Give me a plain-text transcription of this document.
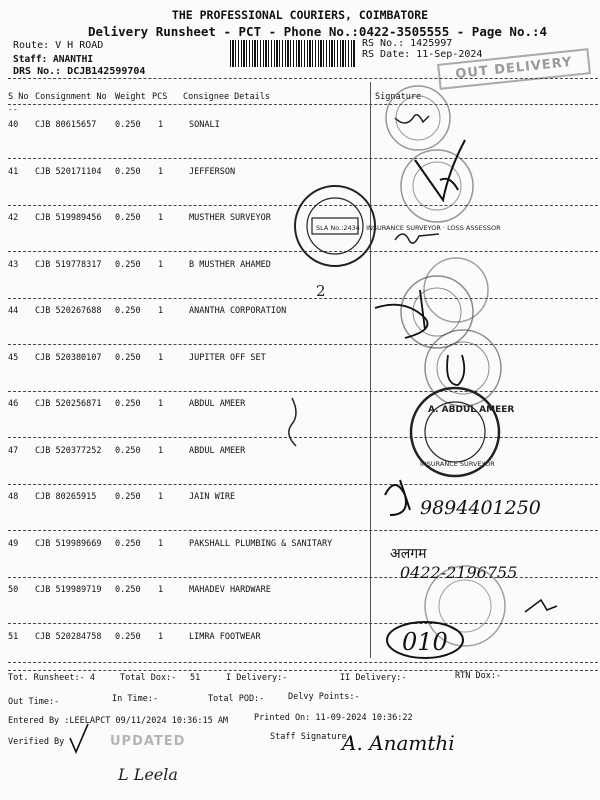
THE PROFESSIONAL COURIERS, COIMBATORE
Delivery Runsheet - PCT - Phone No.:0422-3505555 - Page No.:4
Route: V H ROAD
Staff: ANANTHI
DRS No.: DCJB142599704
RS No.: 1425997
RS Date: 11-Sep-2024
OUT DELIVERY
S No Consignment No Weight PCS Consignee Details	Signature
--
40 CJB 80615657 0.250 1	SONALI
41 CJB 520171104 0.250 1	JEFFERSON
42 CJB 519989456 0.250 1	MUSTHER SURVEYOR
43 CJB 519778317 0.250 1	B MUSTHER AHAMED
44 CJB 520267688 0.250 1	ANANTHA CORPORATION
45 CJB 520380107 0.250 1	JUPITER OFF SET
46 CJB 520256871 0.250 1	ABDUL AMEER
47 CJB 520377252 0.250 1	ABDUL AMEER
48 CJB 80265915 0.250 1	JAIN WIRE
49 CJB 519989669 0.250 1	PAKSHALL PLUMBING & SANITARY
50 CJB 519989719 0.250 1	MAHADEV HARDWARE
51 CJB 520284758 0.250 1	LIMRA FOOTWEAR
SLA No.:2434 · INSURANCE SURVEYOR · LOSS ASSESSOR
2
A. ABDUL AMEER
INSURANCE SURVEYOR
9894401250
अलगम
0422-2196755
010
L Leela
A. Anamthi
Tot. Runsheet:- 4	Total Dox:- 51	I Delivery:-	II Delivery:-	RTN Dox:-
Out Time:-	In Time:-	Total POD:-	Delvy Points:-
Entered By :LEELAPCT 09/11/2024 10:36:15 AM	Printed On: 11-09-2024 10:36:22
Verified By	UPDATED	Staff Signature
